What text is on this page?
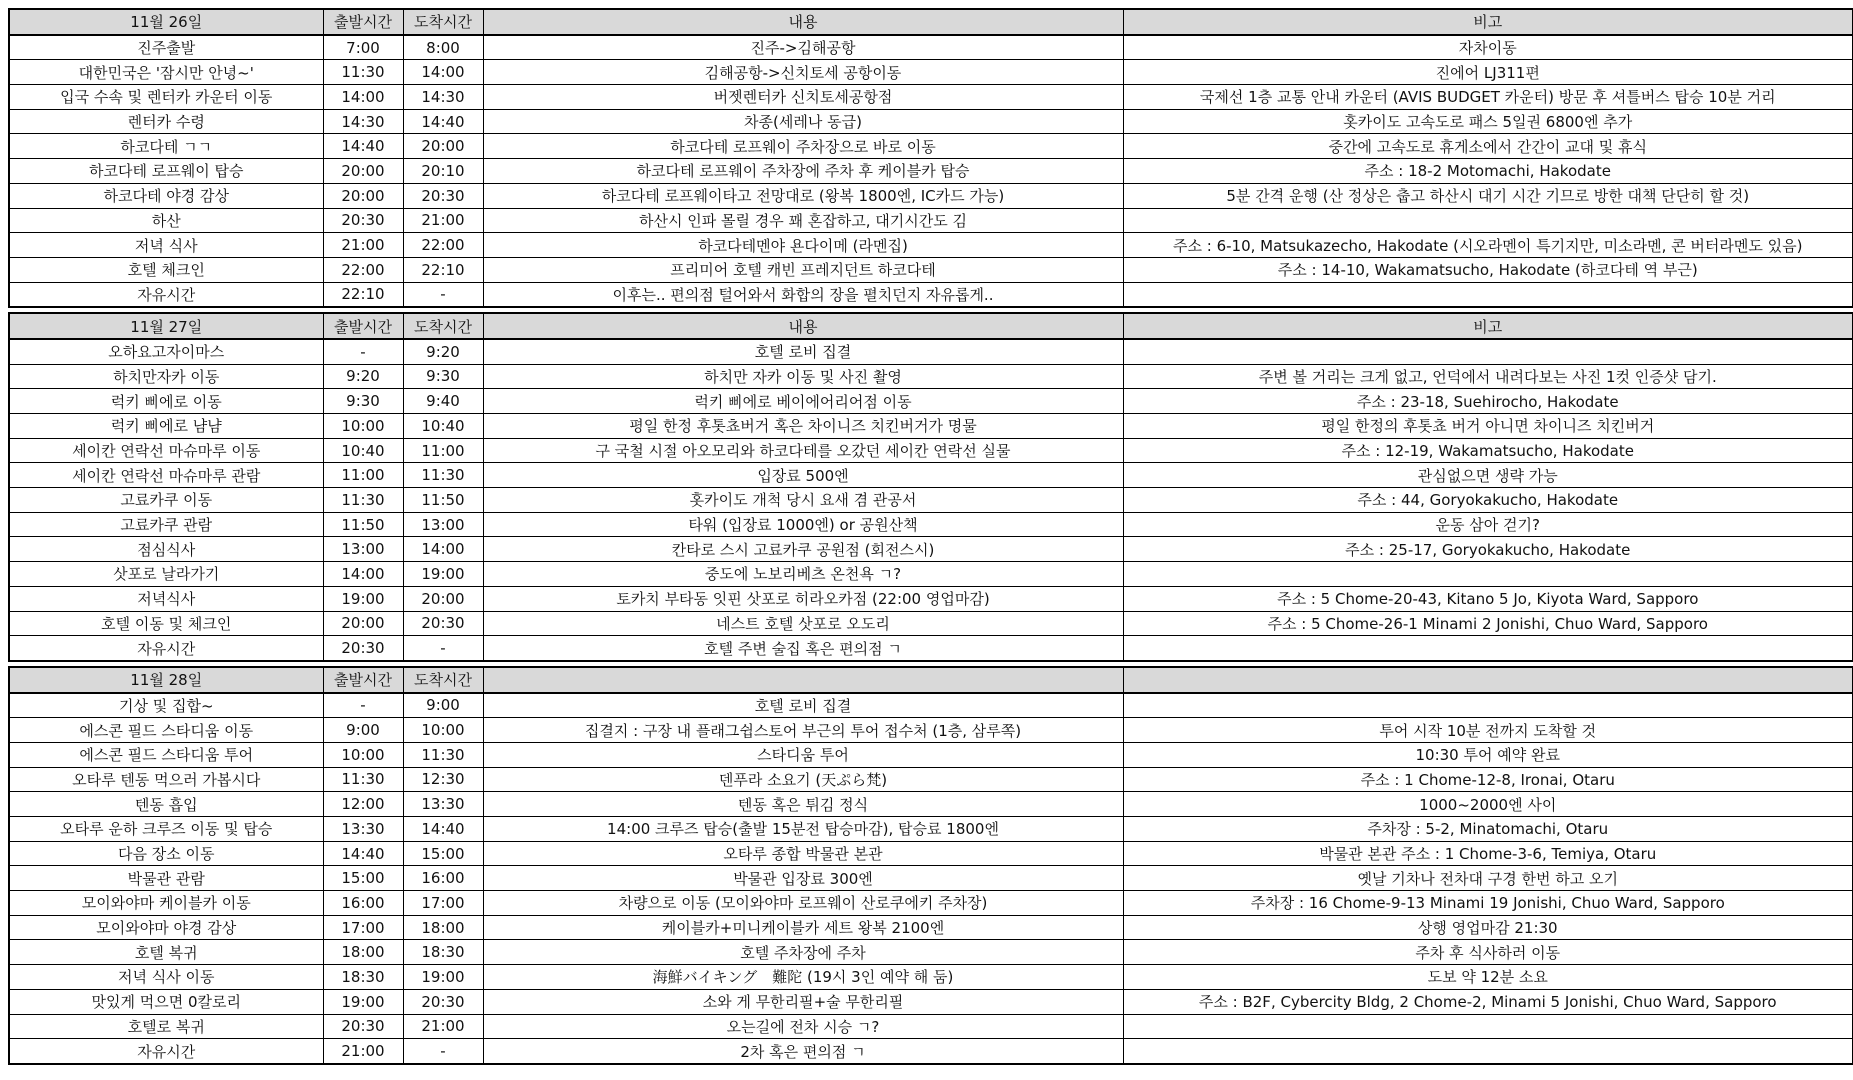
11월 26일	출발시간	도착시간	내용	비고
진주출발	7:00	8:00	진주->김해공항	자차이동
대한민국은 '잠시만 안녕~'	11:30	14:00	김해공항->신치토세 공항이동	진에어 LJ311편
입국 수속 및 렌터카 카운터 이동	14:00	14:30	버젯렌터카 신치토세공항점	국제선 1층 교통 안내 카운터 (AVIS BUDGET 카운터) 방문 후 셔틀버스 탑승 10분 거리
렌터카 수령	14:30	14:40	차종(세레나 동급)	홋카이도 고속도로 패스 5일권 6800엔 추가
하코다테 ㄱㄱ	14:40	20:00	하코다테 로프웨이 주차장으로 바로 이동	중간에 고속도로 휴게소에서 간간이 교대 및 휴식
하코다테 로프웨이 탑승	20:00	20:10	하코다테 로프웨이 주차장에 주차 후 케이블카 탑승	주소 : 18-2 Motomachi, Hakodate
하코다테 야경 감상	20:00	20:30	하코다테 로프웨이타고 전망대로 (왕복 1800엔, IC카드 가능)	5분 간격 운행 (산 정상은 춥고 하산시 대기 시간 기므로 방한 대책 단단히 할 것)
하산	20:30	21:00	하산시 인파 몰릴 경우 꽤 혼잡하고, 대기시간도 김	
저녁 식사	21:00	22:00	하코다테멘야 욘다이메 (라멘집)	주소 : 6-10, Matsukazecho, Hakodate (시오라멘이 특기지만, 미소라멘, 콘 버터라멘도 있음)
호텔 체크인	22:00	22:10	프리미어 호텔 캐빈 프레지던트 하코다테	주소 : 14-10, Wakamatsucho, Hakodate (하코다테 역 부근)
자유시간	22:10	-	이후는.. 편의점 털어와서 화합의 장을 펼치던지 자유롭게..	
11월 27일	출발시간	도착시간	내용	비고
오하요고자이마스	-	9:20	호텔 로비 집결	
하치만자카 이동	9:20	9:30	하치만 자카 이동 및 사진 촬영	주변 볼 거리는 크게 없고, 언덕에서 내려다보는 사진 1컷 인증샷 담기.
럭키 삐에로 이동	9:30	9:40	럭키 삐에로 베이에어리어점 이동	주소 : 23-18, Suehirocho, Hakodate
럭키 삐에로 냠냠	10:00	10:40	평일 한정 후톳쵸버거 혹은 차이니즈 치킨버거가 명물	평일 한정의 후톳쵸 버거 아니면 차이니즈 치킨버거
세이칸 연락선 마슈마루 이동	10:40	11:00	구 국철 시절 아오모리와 하코다테를 오갔던 세이칸 연락선 실물	주소 : 12-19, Wakamatsucho, Hakodate
세이칸 연락선 마슈마루 관람	11:00	11:30	입장료 500엔	관심없으면 생략 가능
고료카쿠 이동	11:30	11:50	홋카이도 개척 당시 요새 겸 관공서	주소 : 44, Goryokakucho, Hakodate
고료카쿠 관람	11:50	13:00	타워 (입장료 1000엔) or 공원산책	운동 삼아 걷기?
점심식사	13:00	14:00	칸타로 스시 고료카쿠 공원점 (회전스시)	주소 : 25-17, Goryokakucho, Hakodate
삿포로 날라가기	14:00	19:00	중도에 노보리베츠 온천욕 ㄱ?	
저녁식사	19:00	20:00	토카치 부타동 잇핀 삿포로 히라오카점 (22:00 영업마감)	주소 : 5 Chome-20-43, Kitano 5 Jo, Kiyota Ward, Sapporo
호텔 이동 및 체크인	20:00	20:30	네스트 호텔 삿포로 오도리	주소 : 5 Chome-26-1 Minami 2 Jonishi, Chuo Ward, Sapporo
자유시간	20:30	-	호텔 주변 술집 혹은 편의점 ㄱ	
11월 28일	출발시간	도착시간		
기상 및 집합~	-	9:00	호텔 로비 집결	
에스콘 필드 스타디움 이동	9:00	10:00	집결지 : 구장 내 플래그쉽스토어 부근의 투어 접수처 (1층, 삼루쪽)	투어 시작 10분 전까지 도착할 것
에스콘 필드 스타디움 투어	10:00	11:30	스타디움 투어	10:30 투어 예약 완료
오타루 텐동 먹으러 가봅시다	11:30	12:30	덴푸라 소요기 (天ぷら梵)	주소 : 1 Chome-12-8, Ironai, Otaru
텐동 흡입	12:00	13:30	텐동 혹은 튀김 정식	1000~2000엔 사이
오타루 운하 크루즈 이동 및 탑승	13:30	14:40	14:00 크루즈 탑승(출발 15분전 탑승마감), 탑승료 1800엔	주차장 : 5-2, Minatomachi, Otaru
다음 장소 이동	14:40	15:00	오타루 종합 박물관 본관	박물관 본관 주소 : 1 Chome-3-6, Temiya, Otaru
박물관 관람	15:00	16:00	박물관 입장료 300엔	옛날 기차나 전차대 구경 한번 하고 오기
모이와야마 케이블카 이동	16:00	17:00	차량으로 이동 (모이와야마 로프웨이 산로쿠에키 주차장)	주차장 : 16 Chome-9-13 Minami 19 Jonishi, Chuo Ward, Sapporo
모이와야마 야경 감상	17:00	18:00	케이블카+미니케이블카 세트 왕복 2100엔	상행 영업마감 21:30
호텔 복귀	18:00	18:30	호텔 주차장에 주차	주차 후 식사하러 이동
저녁 식사 이동	18:30	19:00	海鮮バイキング　難陀 (19시 3인 예약 해 둠)	도보 약 12분 소요
맛있게 먹으면 0칼로리	19:00	20:30	소와 게 무한리필+술 무한리필	주소 : B2F, Cybercity Bldg, 2 Chome-2, Minami 5 Jonishi, Chuo Ward, Sapporo
호텔로 복귀	20:30	21:00	오는길에 전차 시승 ㄱ?	
자유시간	21:00	-	2차 혹은 편의점 ㄱ	
